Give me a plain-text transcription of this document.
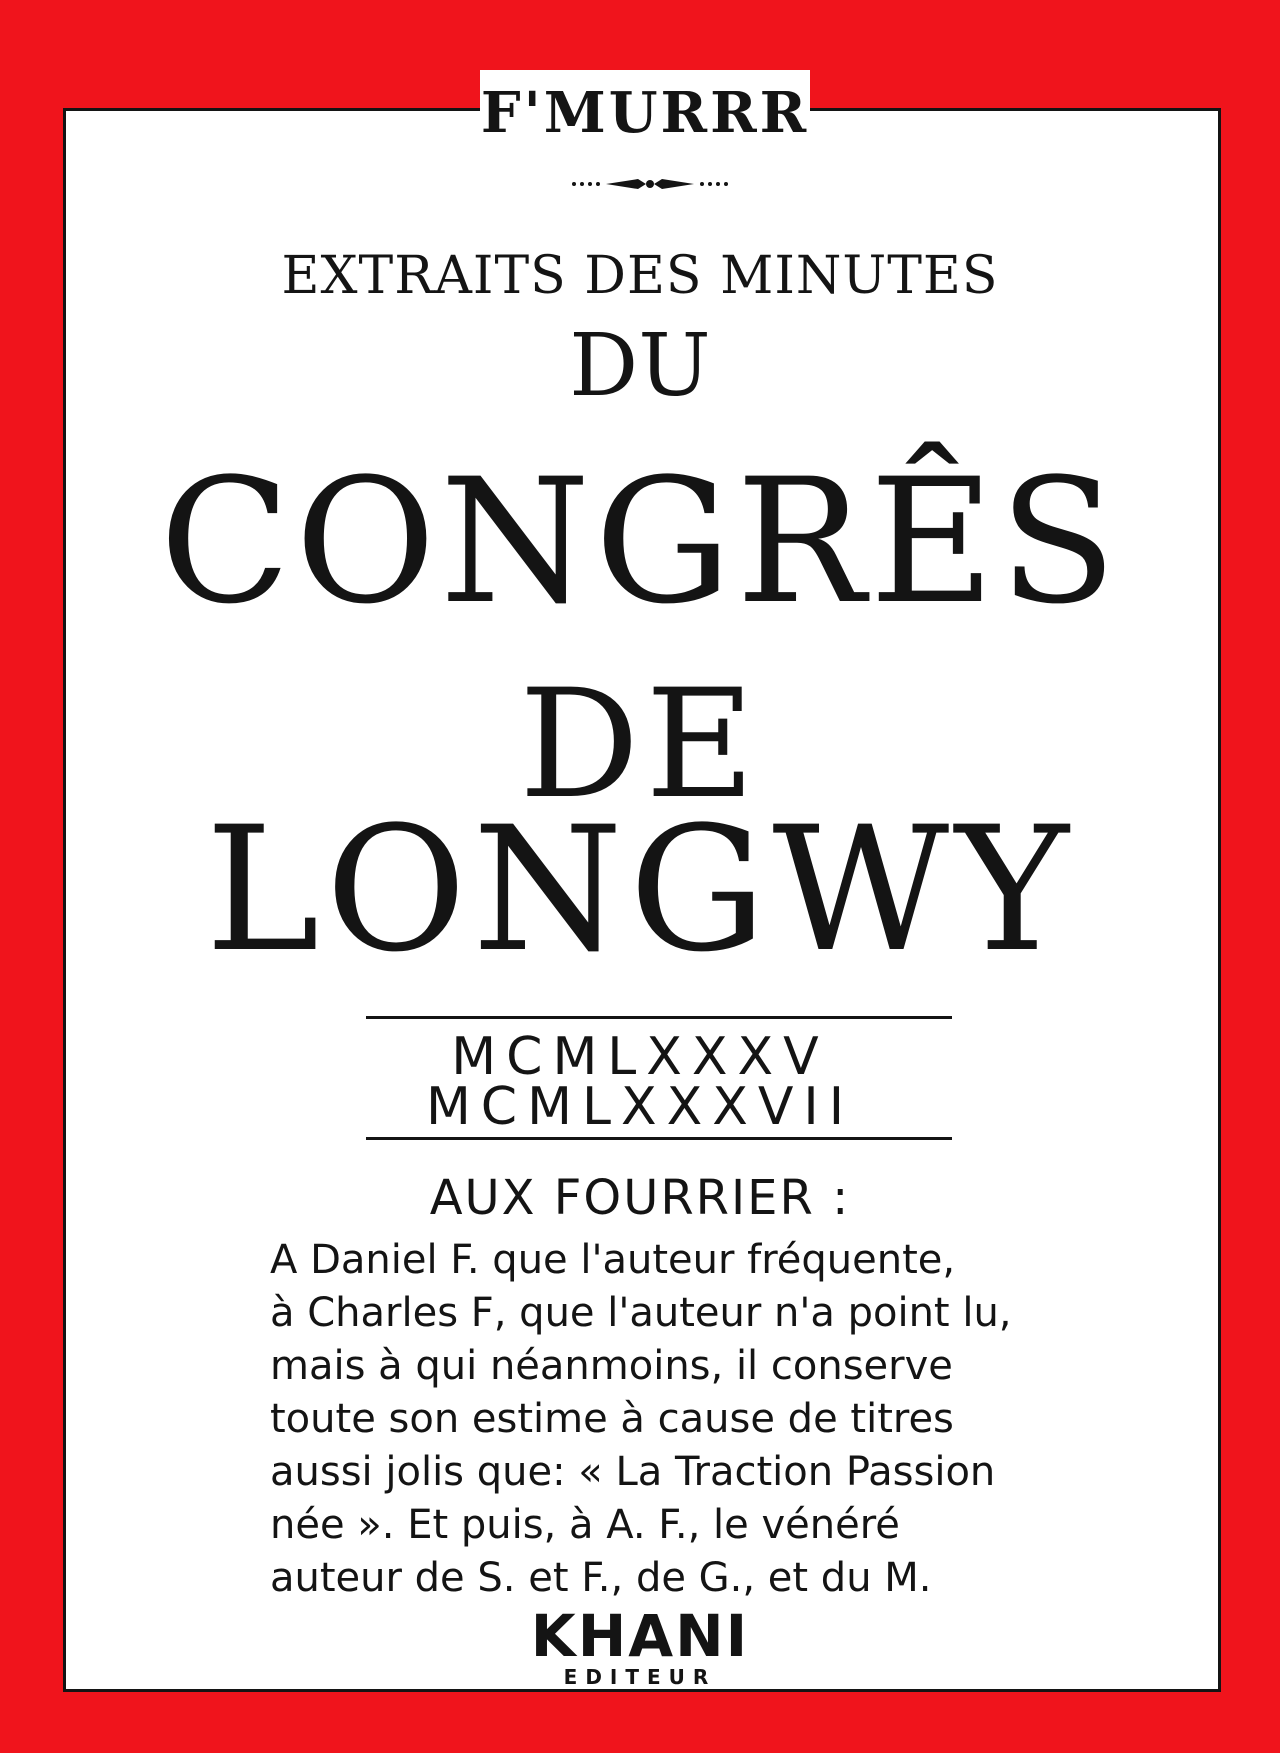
F'MURRR
EXTRAITS DES MINUTES
DU
CONGRÊS
DE
LONGWY
MCMLXXXV
MCMLXXXVII
AUX FOURRIER :
A Daniel F. que l'auteur fréquente,
à Charles F, que l'auteur n'a point lu,
mais à qui néanmoins, il conserve
toute son estime à cause de titres
aussi jolis que: « La Traction Passion
née ». Et puis, à A. F., le vénéré
auteur de S. et F., de G., et du M.
KHANI
EDITEUR
